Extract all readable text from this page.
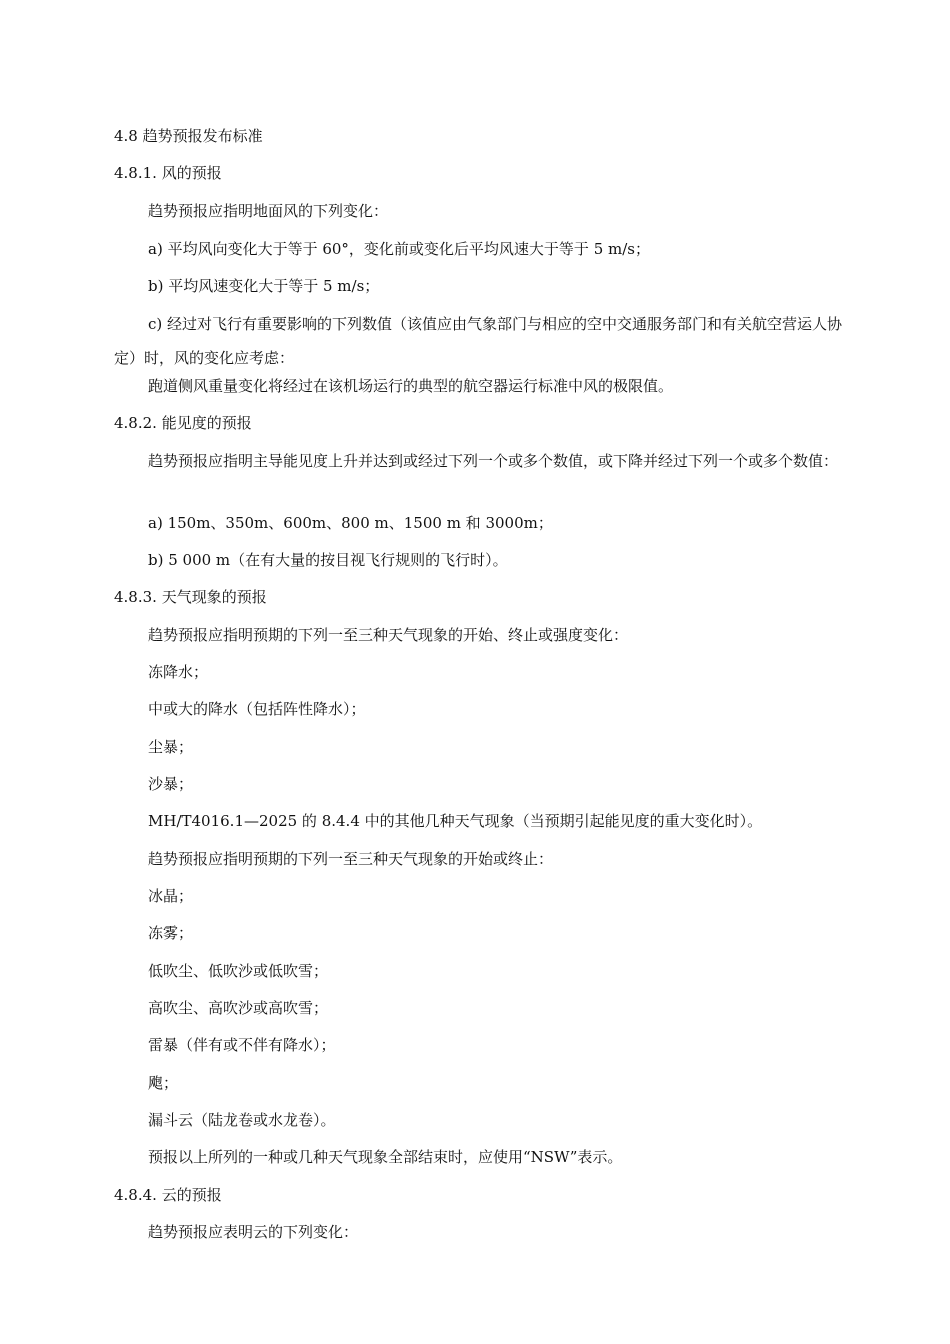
4.8 趋势预报发布标准
4.8.1. 风的预报
趋势预报应指明地面风的下列变化：
a) 平均风向变化大于等于 60°，变化前或变化后平均风速大于等于 5 m/s；
b) 平均风速变化大于等于 5 m/s；
c) 经过对飞行有重要影响的下列数值（该值应由气象部门与相应的空中交通服务部门和有关航空营运人协定）时，风的变化应考虑：
跑道侧风重量变化将经过在该机场运行的典型的航空器运行标准中风的极限值。
4.8.2. 能见度的预报
趋势预报应指明主导能见度上升并达到或经过下列一个或多个数值，或下降并经过下列一个或多个数值：
a) 150m、350m、600m、800 m、1500 m 和 3000m；
b) 5 000 m（在有大量的按目视飞行规则的飞行时）。
4.8.3. 天气现象的预报
趋势预报应指明预期的下列一至三种天气现象的开始、终止或强度变化：
冻降水；
中或大的降水（包括阵性降水）；
尘暴；
沙暴；
MH/T4016.1—2025 的 8.4.4 中的其他几种天气现象（当预期引起能见度的重大变化时）。
趋势预报应指明预期的下列一至三种天气现象的开始或终止：
冰晶；
冻雾；
低吹尘、低吹沙或低吹雪；
高吹尘、高吹沙或高吹雪；
雷暴（伴有或不伴有降水）；
飑；
漏斗云（陆龙卷或水龙卷）。
预报以上所列的一种或几种天气现象全部结束时，应使用“NSW”表示。
4.8.4. 云的预报
趋势预报应表明云的下列变化：
